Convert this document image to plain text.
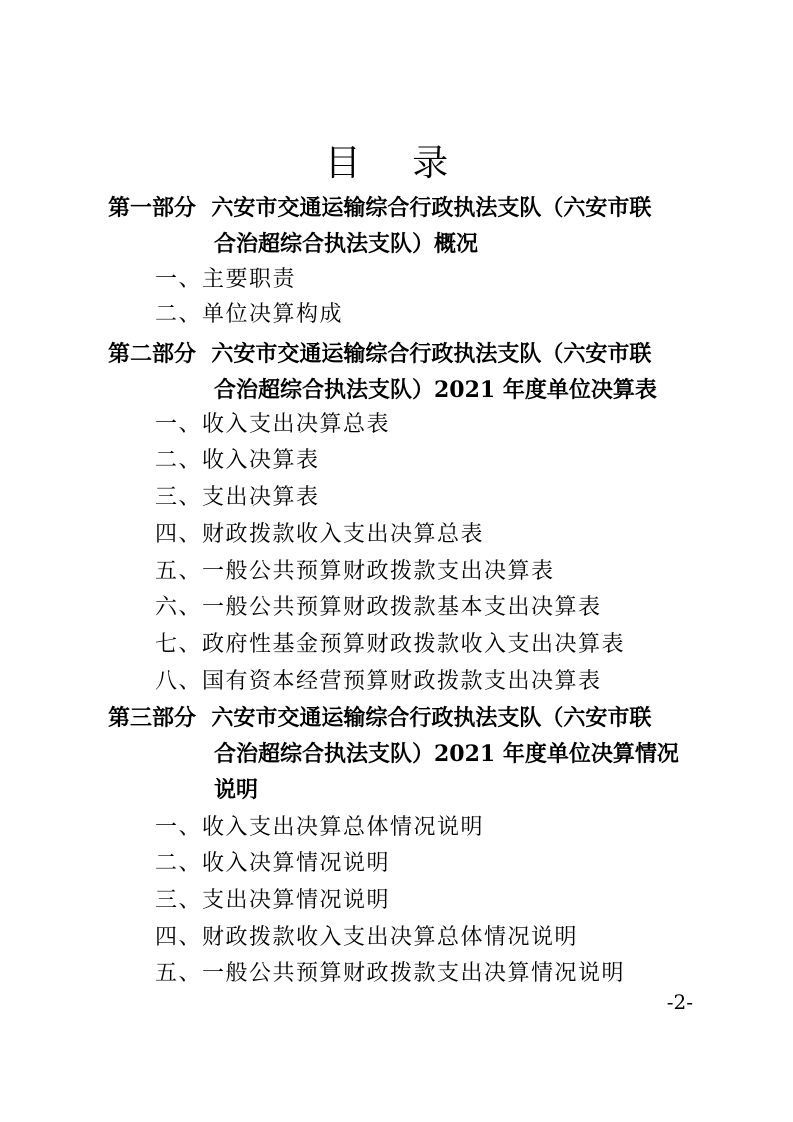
目 录
第一部分 六安市交通运输综合行政执法支队（六安市联
合治超综合执法支队）概况
一、主要职责
二、单位决算构成
第二部分 六安市交通运输综合行政执法支队（六安市联
合治超综合执法支队）2021 年度单位决算表
一、收入支出决算总表
二、收入决算表
三、支出决算表
四、财政拨款收入支出决算总表
五、一般公共预算财政拨款支出决算表
六、一般公共预算财政拨款基本支出决算表
七、政府性基金预算财政拨款收入支出决算表
八、国有资本经营预算财政拨款支出决算表
第三部分 六安市交通运输综合行政执法支队（六安市联
合治超综合执法支队）2021 年度单位决算情况
说明
一、收入支出决算总体情况说明
二、收入决算情况说明
三、支出决算情况说明
四、财政拨款收入支出决算总体情况说明
五、一般公共预算财政拨款支出决算情况说明
-2-
